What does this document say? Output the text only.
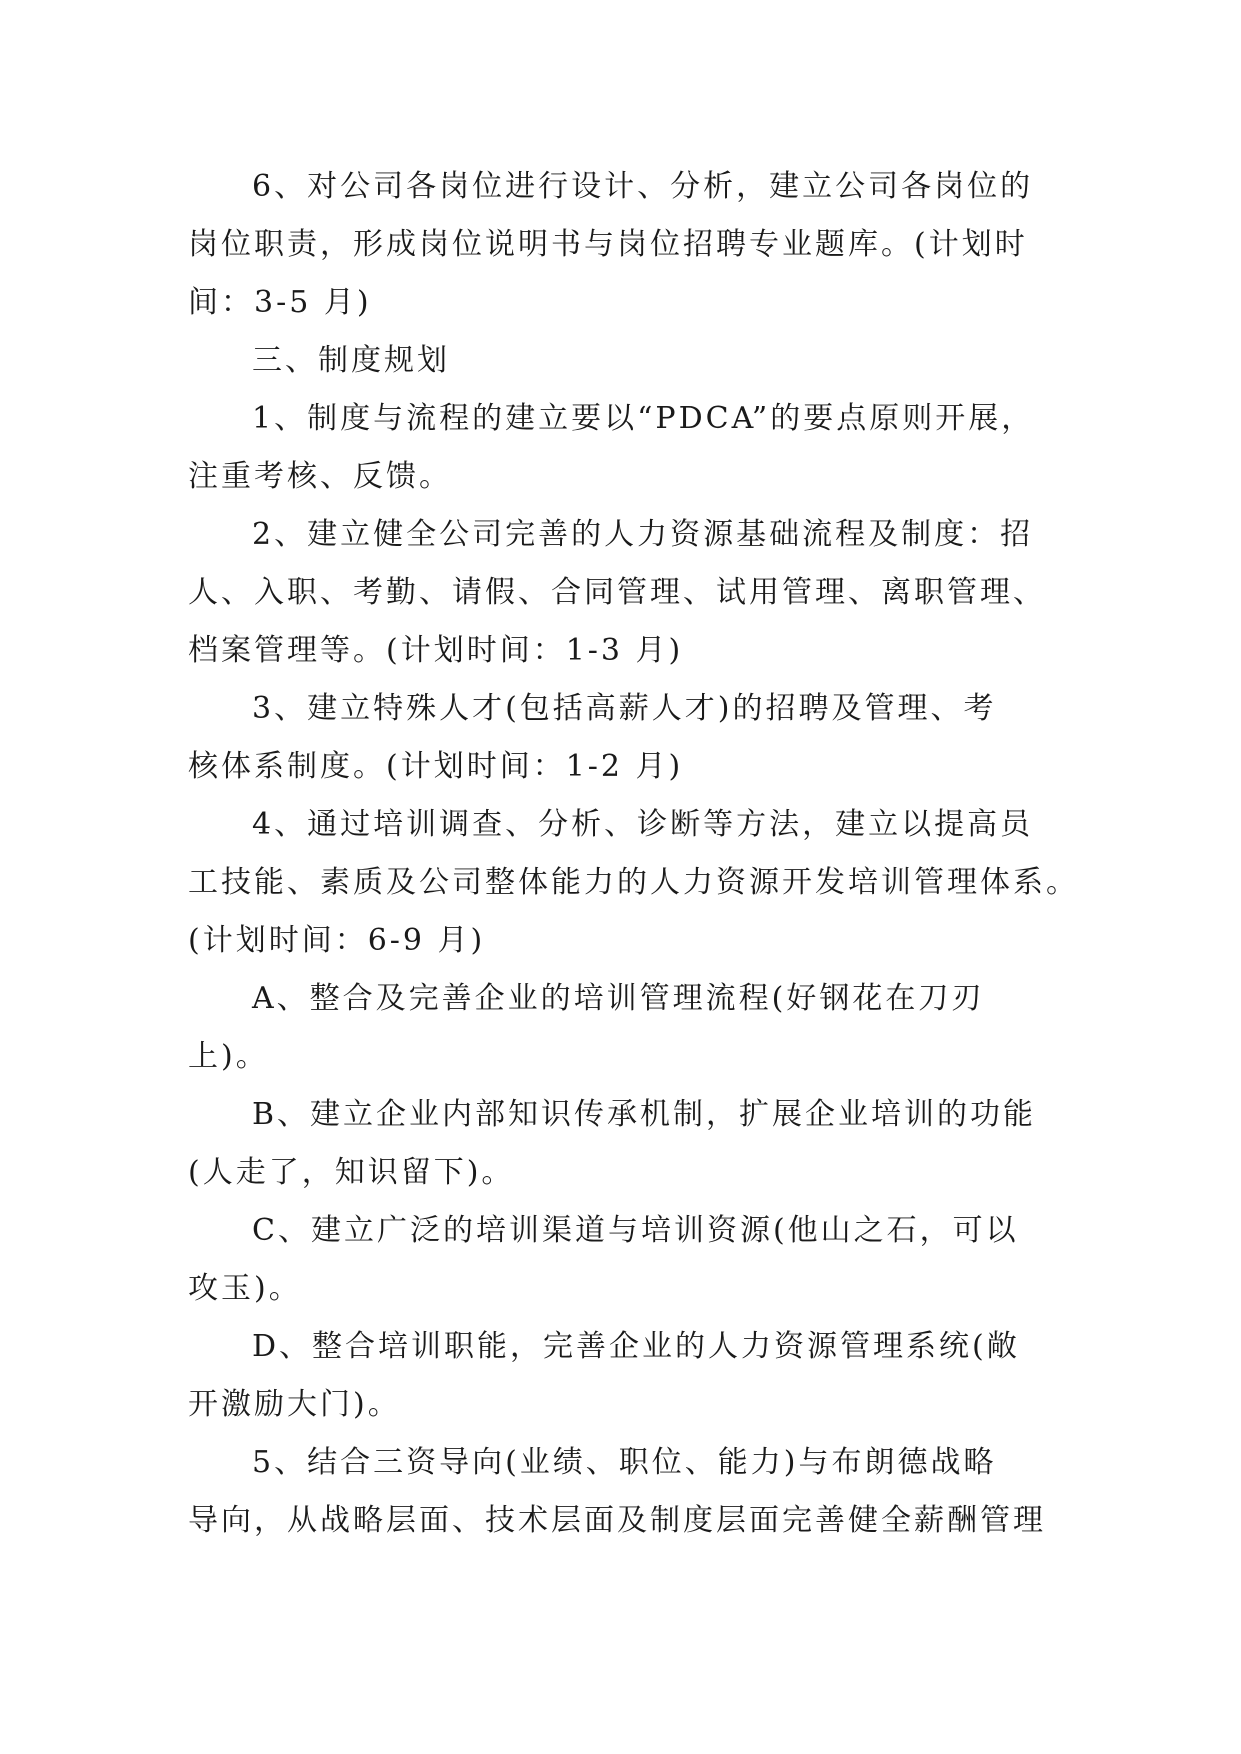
6、对公司各岗位进行设计、分析，建立公司各岗位的
岗位职责，形成岗位说明书与岗位招聘专业题库。(计划时
间：3-5 月)
三、制度规划
1、制度与流程的建立要以“PDCA”的要点原则开展，
注重考核、反馈。
2、建立健全公司完善的人力资源基础流程及制度：招
人、入职、考勤、请假、合同管理、试用管理、离职管理、
档案管理等。(计划时间：1-3 月)
3、建立特殊人才(包括高薪人才)的招聘及管理、考
核体系制度。(计划时间：1-2 月)
4、通过培训调查、分析、诊断等方法，建立以提高员
工技能、素质及公司整体能力的人力资源开发培训管理体系。
(计划时间：6-9 月)
A、整合及完善企业的培训管理流程(好钢花在刀刃
上)。
B、建立企业内部知识传承机制，扩展企业培训的功能
(人走了，知识留下)。
C、建立广泛的培训渠道与培训资源(他山之石，可以
攻玉)。
D、整合培训职能，完善企业的人力资源管理系统(敞
开激励大门)。
5、结合三资导向(业绩、职位、能力)与布朗德战略
导向，从战略层面、技术层面及制度层面完善健全薪酬管理
